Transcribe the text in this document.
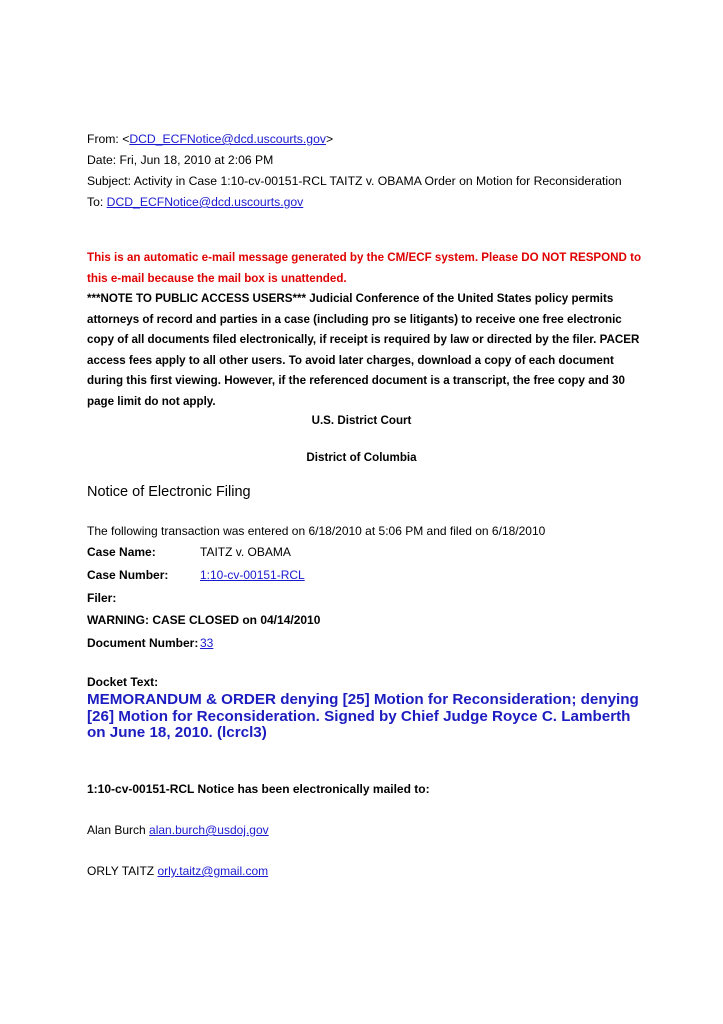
From: <DCD_ECFNotice@dcd.uscourts.gov>
Date: Fri, Jun 18, 2010 at 2:06 PM
Subject: Activity in Case 1:10-cv-00151-RCL TAITZ v. OBAMA Order on Motion for Reconsideration
To: DCD_ECFNotice@dcd.uscourts.gov
This is an automatic e-mail message generated by the CM/ECF system. Please DO NOT RESPOND to this e-mail because the mail box is unattended.
***NOTE TO PUBLIC ACCESS USERS*** Judicial Conference of the United States policy permits attorneys of record and parties in a case (including pro se litigants) to receive one free electronic copy of all documents filed electronically, if receipt is required by law or directed by the filer. PACER access fees apply to all other users. To avoid later charges, download a copy of each document during this first viewing. However, if the referenced document is a transcript, the free copy and 30 page limit do not apply.
U.S. District Court
District of Columbia
Notice of Electronic Filing
The following transaction was entered on 6/18/2010 at 5:06 PM and filed on 6/18/2010
Case Name:	TAITZ v. OBAMA
Case Number:	1:10-cv-00151-RCL
Filer:
WARNING: CASE CLOSED on 04/14/2010
Document Number: 33
Docket Text:
MEMORANDUM & ORDER denying [25] Motion for Reconsideration; denying [26] Motion for Reconsideration. Signed by Chief Judge Royce C. Lamberth on June 18, 2010. (lcrcl3)
1:10-cv-00151-RCL Notice has been electronically mailed to:
Alan Burch alan.burch@usdoj.gov
ORLY TAITZ orly.taitz@gmail.com
